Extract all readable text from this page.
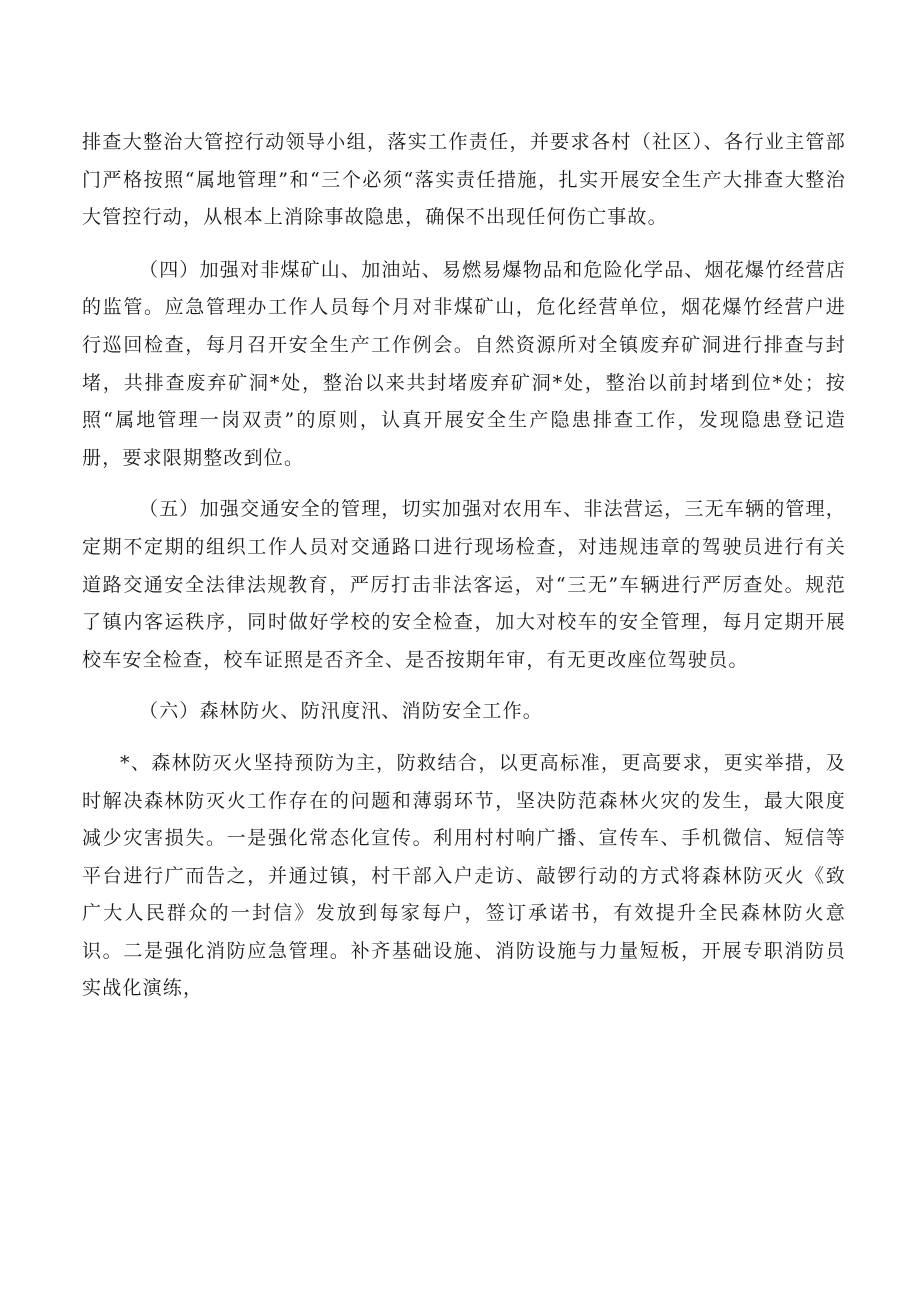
排查大整治大管控行动领导小组，落实工作责任，并要求各村（社区）、各行业主管部门严格按照“属地管理”和“三个必须“落实责任措施，扎实开展安全生产大排查大整治大管控行动，从根本上消除事故隐患，确保不出现任何伤亡事故。

（四）加强对非煤矿山、加油站、易燃易爆物品和危险化学品、烟花爆竹经营店的监管。应急管理办工作人员每个月对非煤矿山，危化经营单位，烟花爆竹经营户进行巡回检查，每月召开安全生产工作例会。自然资源所对全镇废弃矿洞进行排查与封堵，共排查废弃矿洞*处，整治以来共封堵废弃矿洞*处，整治以前封堵到位*处；按照“属地管理一岗双责”的原则，认真开展安全生产隐患排查工作，发现隐患登记造册，要求限期整改到位。

（五）加强交通安全的管理，切实加强对农用车、非法营运，三无车辆的管理，定期不定期的组织工作人员对交通路口进行现场检查，对违规违章的驾驶员进行有关道路交通安全法律法规教育，严厉打击非法客运，对“三无”车辆进行严厉查处。规范了镇内客运秩序，同时做好学校的安全检查，加大对校车的安全管理，每月定期开展校车安全检查，校车证照是否齐全、是否按期年审，有无更改座位驾驶员。

（六）森林防火、防汛度汛、消防安全工作。

*、森林防灭火坚持预防为主，防救结合，以更高标准，更高要求，更实举措，及时解决森林防灭火工作存在的问题和薄弱环节，坚决防范森林火灾的发生，最大限度减少灾害损失。一是强化常态化宣传。利用村村响广播、宣传车、手机微信、短信等平台进行广而告之，并通过镇，村干部入户走访、敲锣行动的方式将森林防灭火《致广大人民群众的一封信》发放到每家每户，签订承诺书，有效提升全民森林防火意识。二是强化消防应急管理。补齐基础设施、消防设施与力量短板，开展专职消防员实战化演练，
